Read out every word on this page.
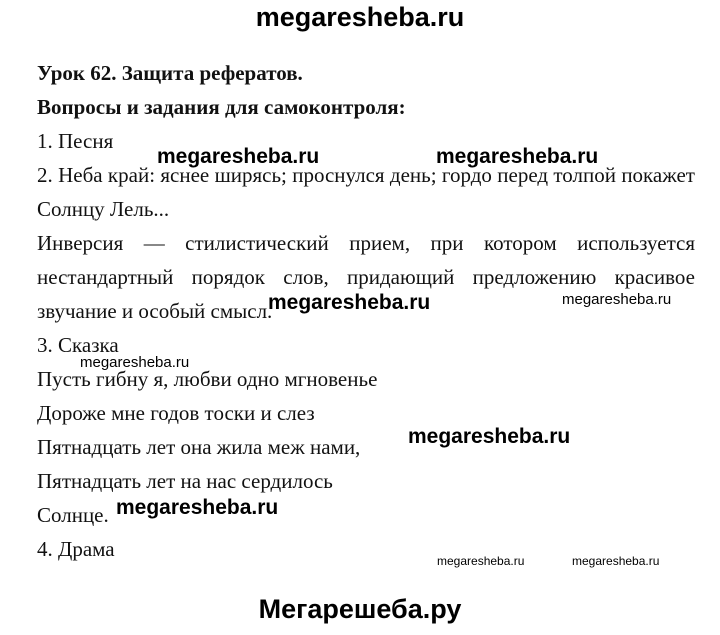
megaresheba.ru
Урок 62. Защита рефератов.
Вопросы и задания для самоконтроля:
1. Песня
2. Неба край: яснее ширясь; проснулся день; гордо перед толпой покажет Солнцу Лель...
Инверсия — стилистический прием, при котором используется нестандартный порядок слов, придающий предложению красивое звучание и особый смысл.
3. Сказка
Пусть гибну я, любви одно мгновенье
Дороже мне годов тоски и слез
Пятнадцать лет она жила меж нами,
Пятнадцать лет на нас сердилось
Солнце.
4. Драма
megaresheba.ru	megaresheba.ru
megaresheba.ru	megaresheba.ru
megaresheba.ru
megaresheba.ru
megaresheba.ru
megaresheba.ru	megaresheba.ru
Мегарешеба.ру
